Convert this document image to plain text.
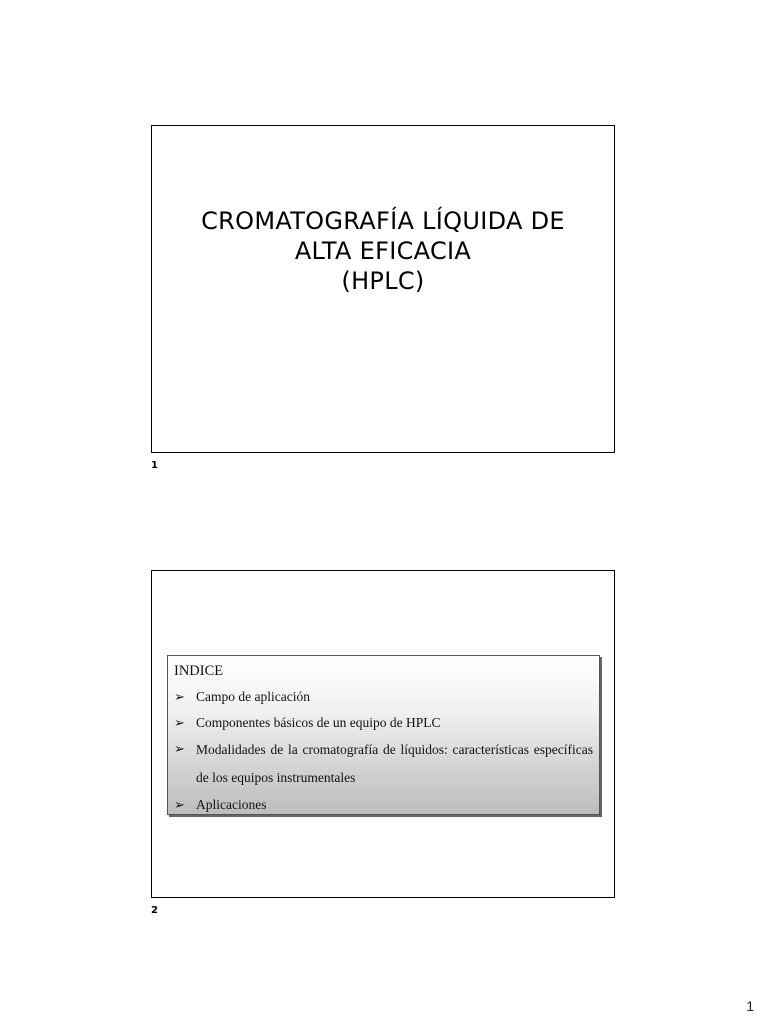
CROMATOGRAFÍA LÍQUIDA DE
ALTA EFICACIA
(HPLC)
1
INDICE
➢ Campo de aplicación
➢ Componentes básicos de un equipo de HPLC
➢ Modalidades de la cromatografía de líquidos: características específicas de los equipos instrumentales
➢ Aplicaciones
2
1
